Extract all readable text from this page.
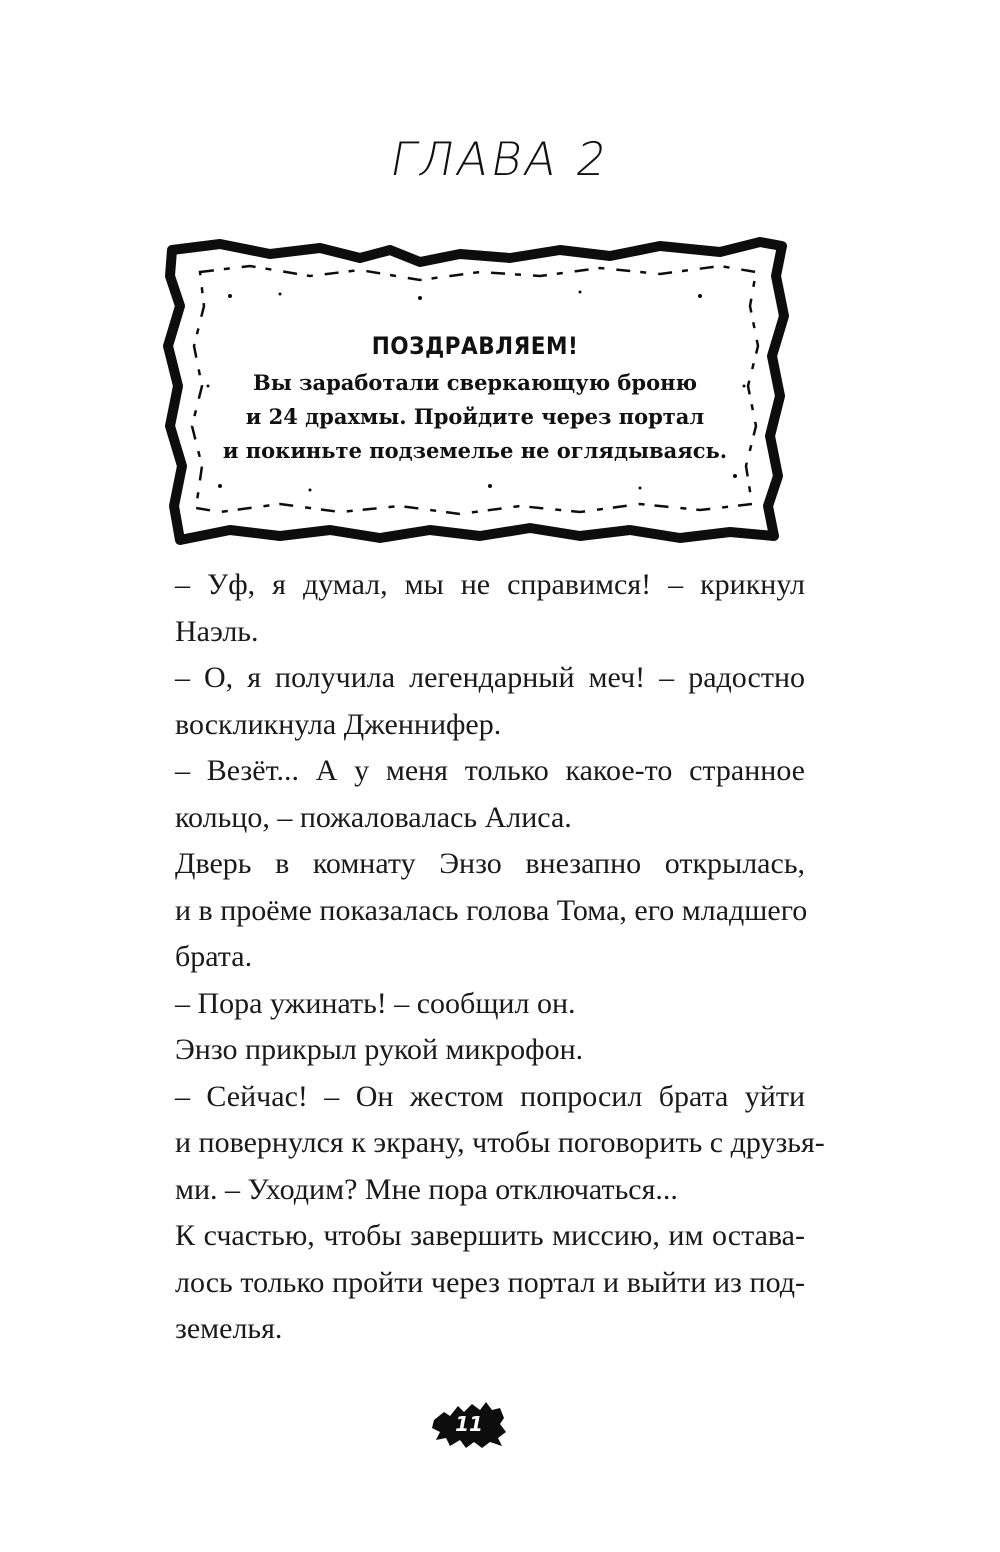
ГЛАВА 2
ПОЗДРАВЛЯЕМ!
Вы заработали сверкающую броню
и 24 драхмы. Пройдите через портал
и покиньте подземелье не оглядываясь.
– Уф, я думал, мы не справимся! – крикнул
Наэль.
– О, я получила легендарный меч! – радостно
воскликнула Дженнифер.
– Везёт... А у меня только какое-то странное
кольцо, – пожаловалась Алиса.
Дверь в комнату Энзо внезапно открылась,
и в проёме показалась голова Тома, его младшего
брата.
– Пора ужинать! – сообщил он.
Энзо прикрыл рукой микрофон.
– Сейчас! – Он жестом попросил брата уйти
и повернулся к экрану, чтобы поговорить с друзья-
ми. – Уходим? Мне пора отключаться...
К счастью, чтобы завершить миссию, им остава-
лось только пройти через портал и выйти из под-
земелья.
11
